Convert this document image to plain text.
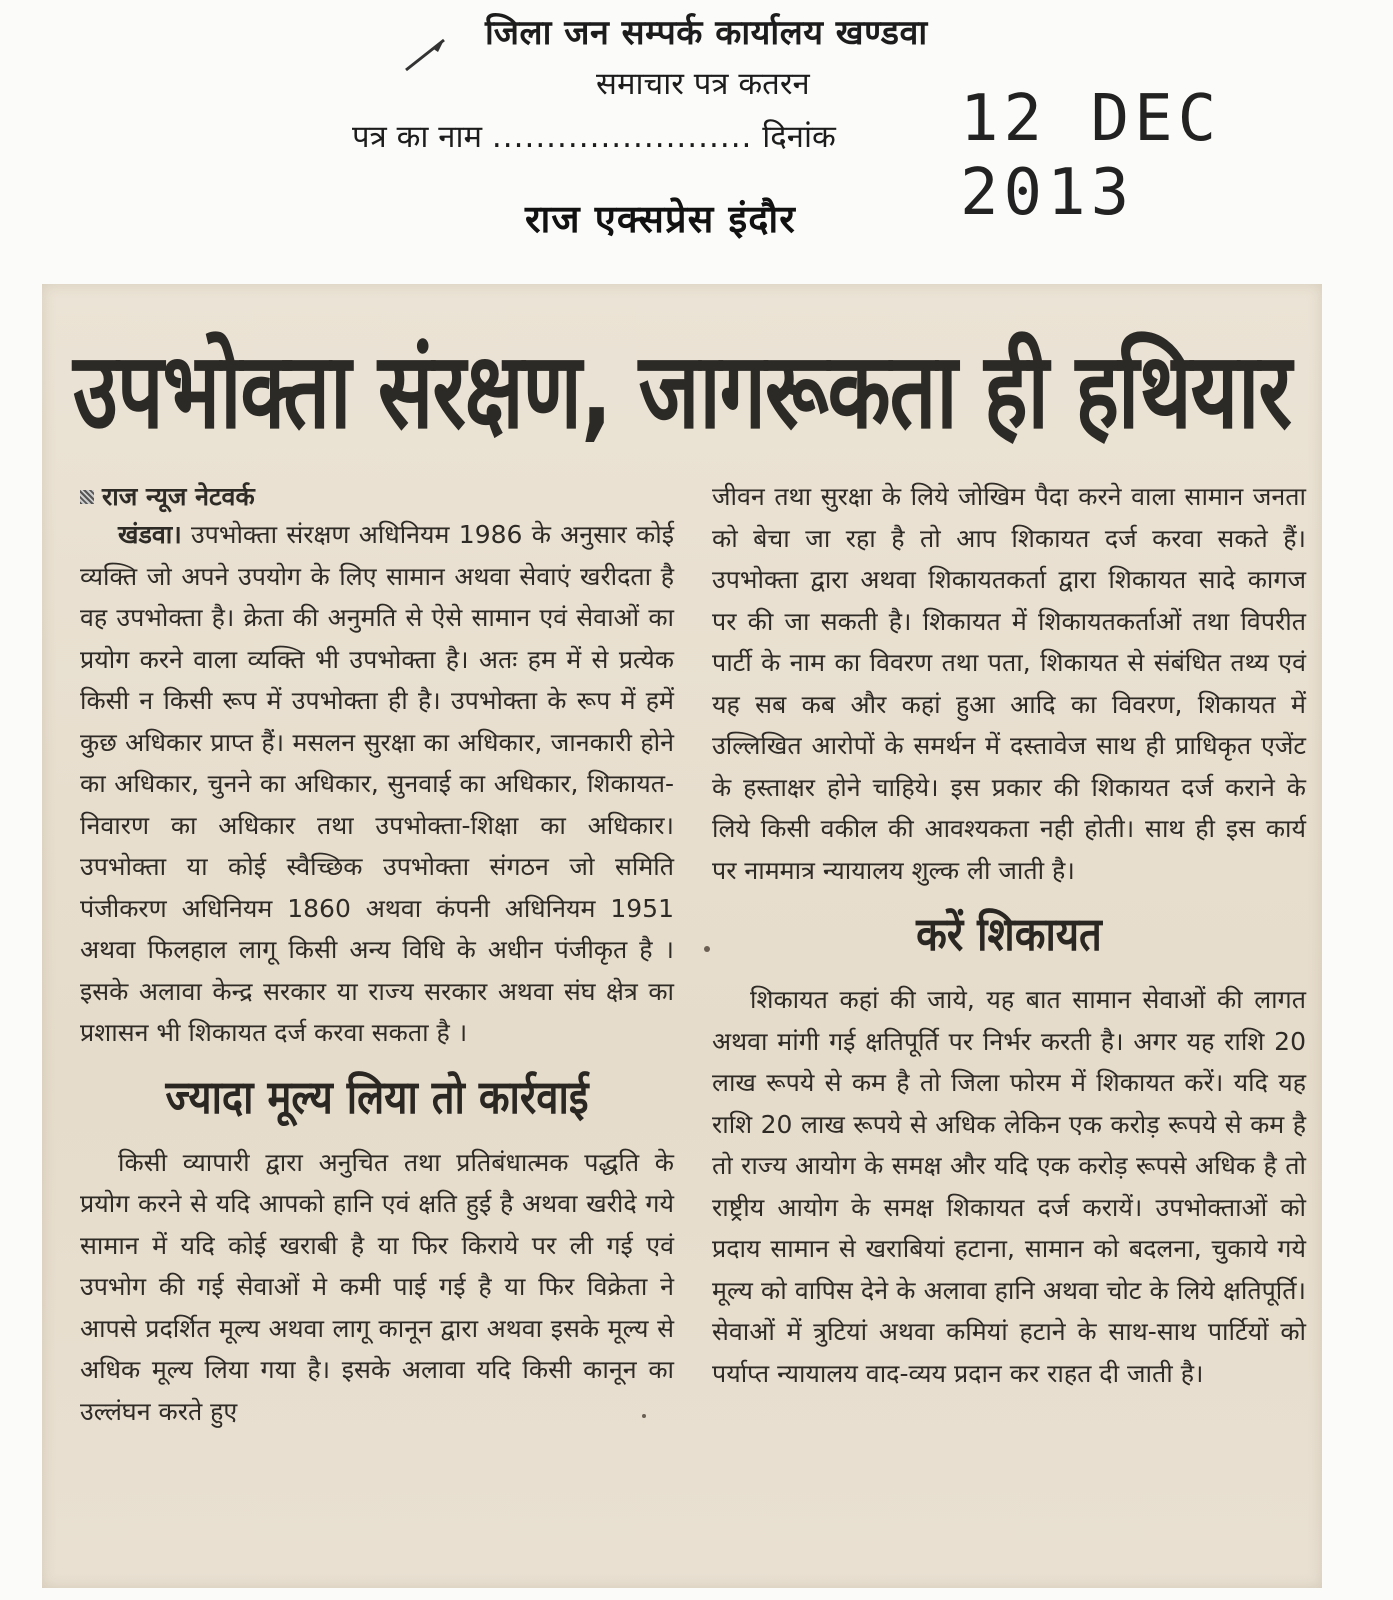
जिला जन सम्पर्क कार्यालय खण्डवा
समाचार पत्र कतरन
पत्र का नाम ........................ दिनांक 12 DEC 2013
राज एक्सप्रेस इंदौर
उपभोक्ता संरक्षण, जागरूकता ही हथियार
राज न्यूज नेटवर्क

खंडवा। उपभोक्ता संरक्षण अधिनियम 1986 के अनुसार कोई व्यक्ति जो अपने उपयोग के लिए सामान अथवा सेवाएं खरीदता है वह उपभोक्ता है। क्रेता की अनुमति से ऐसे सामान एवं सेवाओं का प्रयोग करने वाला व्यक्ति भी उपभोक्ता है। अतः हम में से प्रत्येक किसी न किसी रूप में उपभोक्ता ही है। उपभोक्ता के रूप में हमें कुछ अधिकार प्राप्त हैं। मसलन सुरक्षा का अधिकार, जानकारी होने का अधिकार, चुनने का अधिकार, सुनवाई का अधिकार, शिकायत-निवारण का अधिकार तथा उपभोक्ता-शिक्षा का अधिकार। उपभोक्ता या कोई स्वैच्छिक उपभोक्ता संगठन जो समिति पंजीकरण अधिनियम 1860 अथवा कंपनी अधिनियम 1951 अथवा फिलहाल लागू किसी अन्य विधि के अधीन पंजीकृत है । इसके अलावा केन्द्र सरकार या राज्य सरकार अथवा संघ क्षेत्र का प्रशासन भी शिकायत दर्ज करवा सकता है ।

ज्यादा मूल्य लिया तो कार्रवाई

किसी व्यापारी द्वारा अनुचित तथा प्रतिबंधात्मक पद्धति के प्रयोग करने से यदि आपको हानि एवं क्षति हुई है अथवा खरीदे गये सामान में यदि कोई खराबी है या फिर किराये पर ली गई एवं उपभोग की गई सेवाओं मे कमी पाई गई है या फिर विक्रेता ने आपसे प्रदर्शित मूल्य अथवा लागू कानून द्वारा अथवा इसके मूल्य से अधिक मूल्य लिया गया है। इसके अलावा यदि किसी कानून का उल्लंघन करते हुए

जीवन तथा सुरक्षा के लिये जोखिम पैदा करने वाला सामान जनता को बेचा जा रहा है तो आप शिकायत दर्ज करवा सकते हैं। उपभोक्ता द्वारा अथवा शिकायतकर्ता द्वारा शिकायत सादे कागज पर की जा सकती है। शिकायत में शिकायतकर्ताओं तथा विपरीत पार्टी के नाम का विवरण तथा पता, शिकायत से संबंधित तथ्य एवं यह सब कब और कहां हुआ आदि का विवरण, शिकायत में उल्लिखित आरोपों के समर्थन में दस्तावेज साथ ही प्राधिकृत एजेंट के हस्ताक्षर होने चाहिये। इस प्रकार की शिकायत दर्ज कराने के लिये किसी वकील की आवश्यकता नही होती। साथ ही इस कार्य पर नाममात्र न्यायालय शुल्क ली जाती है।

करें शिकायत

शिकायत कहां की जाये, यह बात सामान सेवाओं की लागत अथवा मांगी गई क्षतिपूर्ति पर निर्भर करती है। अगर यह राशि 20 लाख रूपये से कम है तो जिला फोरम में शिकायत करें। यदि यह राशि 20 लाख रूपये से अधिक लेकिन एक करोड़ रूपये से कम है तो राज्य आयोग के समक्ष और यदि एक करोड़ रूपसे अधिक है तो राष्ट्रीय आयोग के समक्ष शिकायत दर्ज करायें। उपभोक्ताओं को प्रदाय सामान से खराबियां हटाना, सामान को बदलना, चुकाये गये मूल्य को वापिस देने के अलावा हानि अथवा चोट के लिये क्षतिपूर्ति। सेवाओं में त्रुटियां अथवा कमियां हटाने के साथ-साथ पार्टियों को पर्याप्त न्यायालय वाद-व्यय प्रदान कर राहत दी जाती है।
